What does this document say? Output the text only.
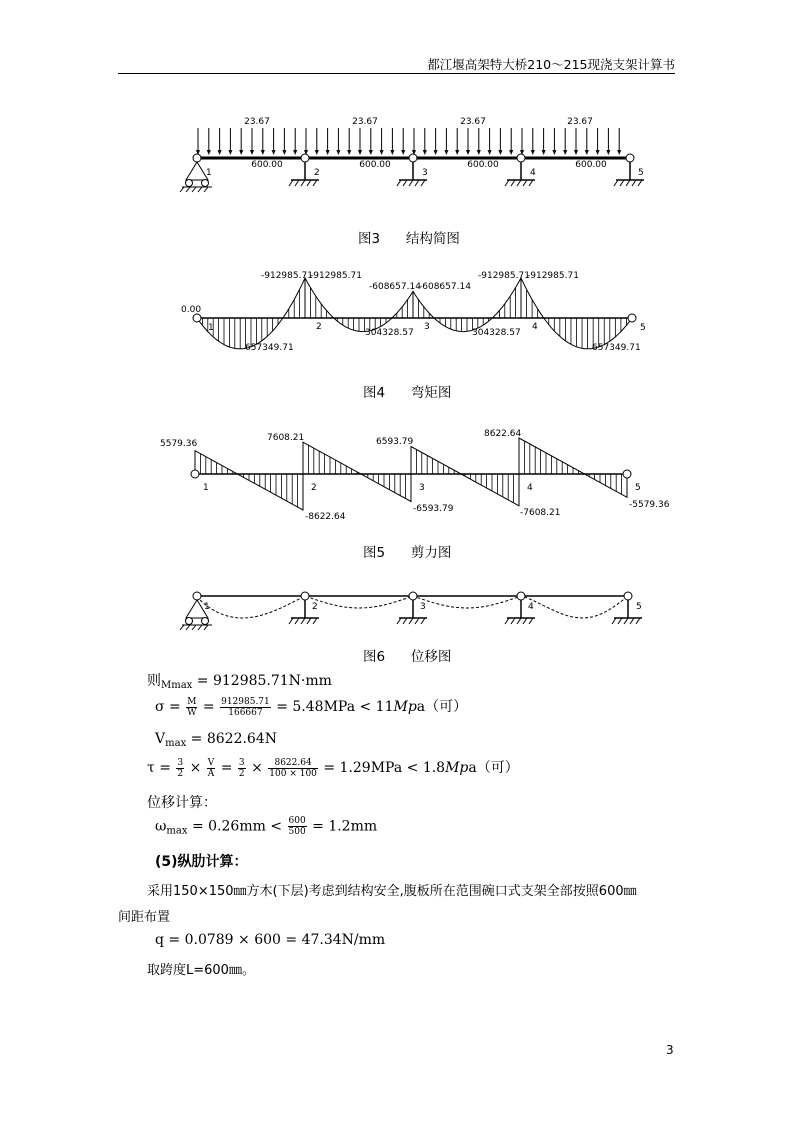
都江堰高架特大桥210～215现浇支架计算书
23.67	23.67	23.67	23.67
600.00	600.00	600.00	600.00
1	2	3	4	5
0.00
-912985.71
-912985.71
-608657.14
-608657.14
-912985.71
-912985.71
657349.71
304328.57	304328.57
657349.71
1	2	3	4	5
5579.36
7608.21	6593.79
8622.64
-8622.64
-6593.79	-7608.21
-5579.36
1	2	3	4	5
1	2	3	4	5
图3      结构简图
图4      弯矩图
图5      剪力图
图6      位移图
则$_{Mmax}$ = 912985.71N·mm
$\sigma = \frac{M}{W} = \frac{912985.71}{166667} = 5.48MPa < 11Mpa$（可）
$V_{max} = 8622.64N$
$\tau = \frac{3}{2} \times \frac{V}{A} = \frac{3}{2} \times \frac{8622.64}{100 \times 100} = 1.29MPa < 1.8Mpa$（可）
位移计算：
$\omega_{max} = 0.26mm < \frac{600}{500} = 1.2mm$
(5)纵肋计算：
采用150×150㎜方木(下层)考虑到结构安全,腹板所在范围碗口式支架全部按照600㎜
间距布置
q = 0.0789 × 600 = 47.34N/mm
取跨度L=600㎜。
3
